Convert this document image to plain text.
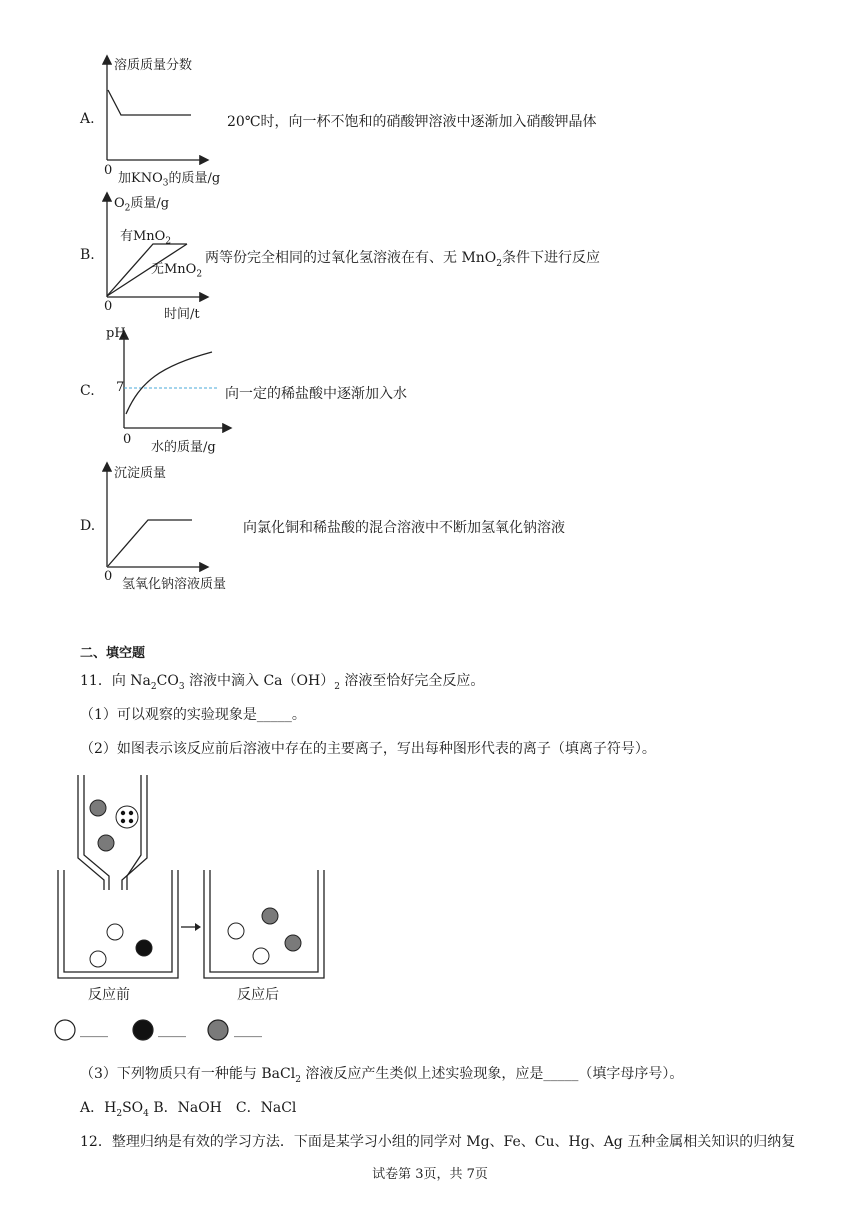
A.
溶质质量分数
0
加$KNO_3$的质量/g
20℃时，向一杯不饱和的硝酸钾溶液中逐渐加入硝酸钾晶体
B.
$O_2$质量/g
有MnO$_2$
无MnO$_2$
0
时间/t
两等份完全相同的过氧化氢溶液在有、无 MnO$_2$条件下进行反应
C.
pH
7
0
水的质量/g
向一定的稀盐酸中逐渐加入水
D.
沉淀质量
0
氢氧化钠溶液质量
向氯化铜和稀盐酸的混合溶液中不断加氢氧化钠溶液
二、填空题
11．向 $Na_2CO_3$ 溶液中滴入 $Ca(OH)_2$ 溶液至恰好完全反应。
（1）可以观察的实验现象是_____。
（2）如图表示该反应前后溶液中存在的主要离子，写出每种图形代表的离子（填离子符号）。
反应前	反应后
____	____	____
（3）下列物质只有一种能与 BaCl$_2$ 溶液反应产生类似上述实验现象，应是_____（填字母序号）。
A．$H_2SO_4$ B．NaOH　C．NaCl
12．整理归纳是有效的学习方法．下面是某学习小组的同学对 Mg、Fe、Cu、Hg、Ag 五种金属相关知识的归纳复
试卷第 3页，共 7页
